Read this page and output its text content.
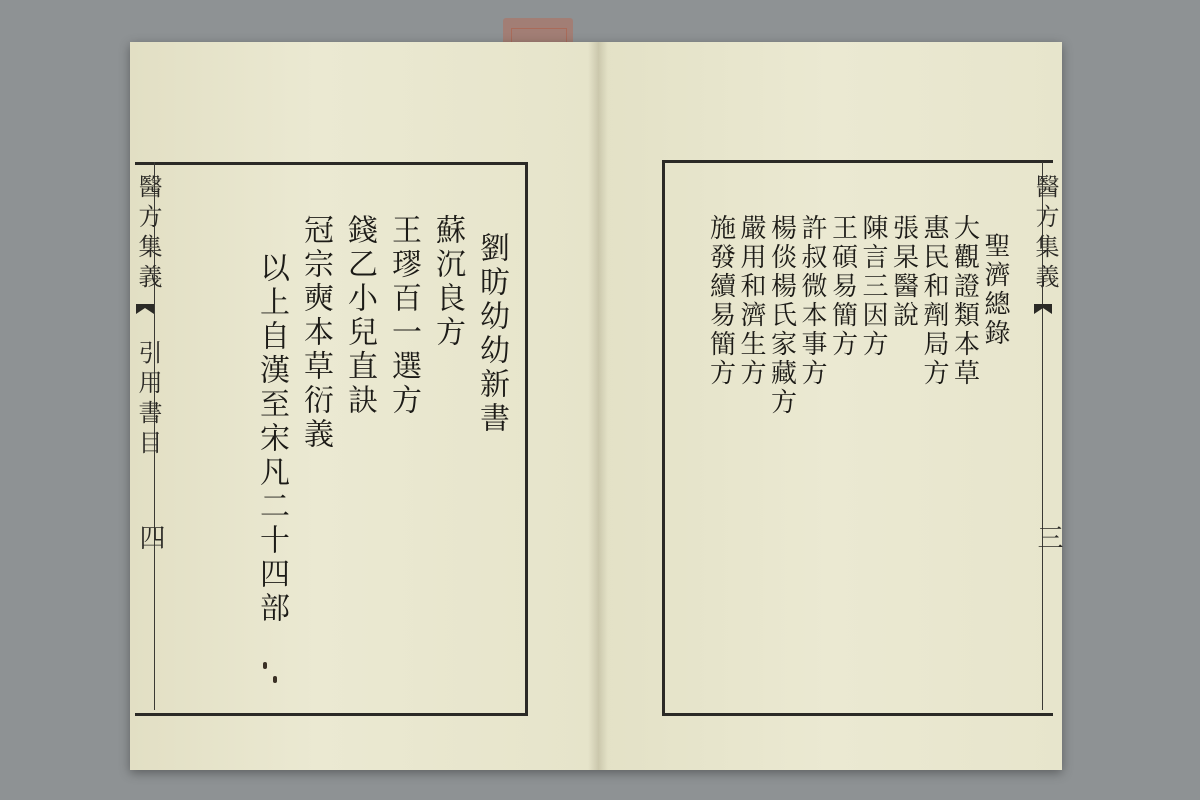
醫方集義
引用書目
四
劉昉幼幼新書
蘇沉良方
王璆百一選方
錢乙小兒直訣
冠宗奭本草衍義
以上自漢至宋凡二十四部
醫方集義
三
聖濟總錄
大觀證類本草
惠民和劑局方
張杲醫說
陳言三因方
王碩易簡方
許叔微本事方
楊倓楊氏家藏方
嚴用和濟生方
施發續易簡方
